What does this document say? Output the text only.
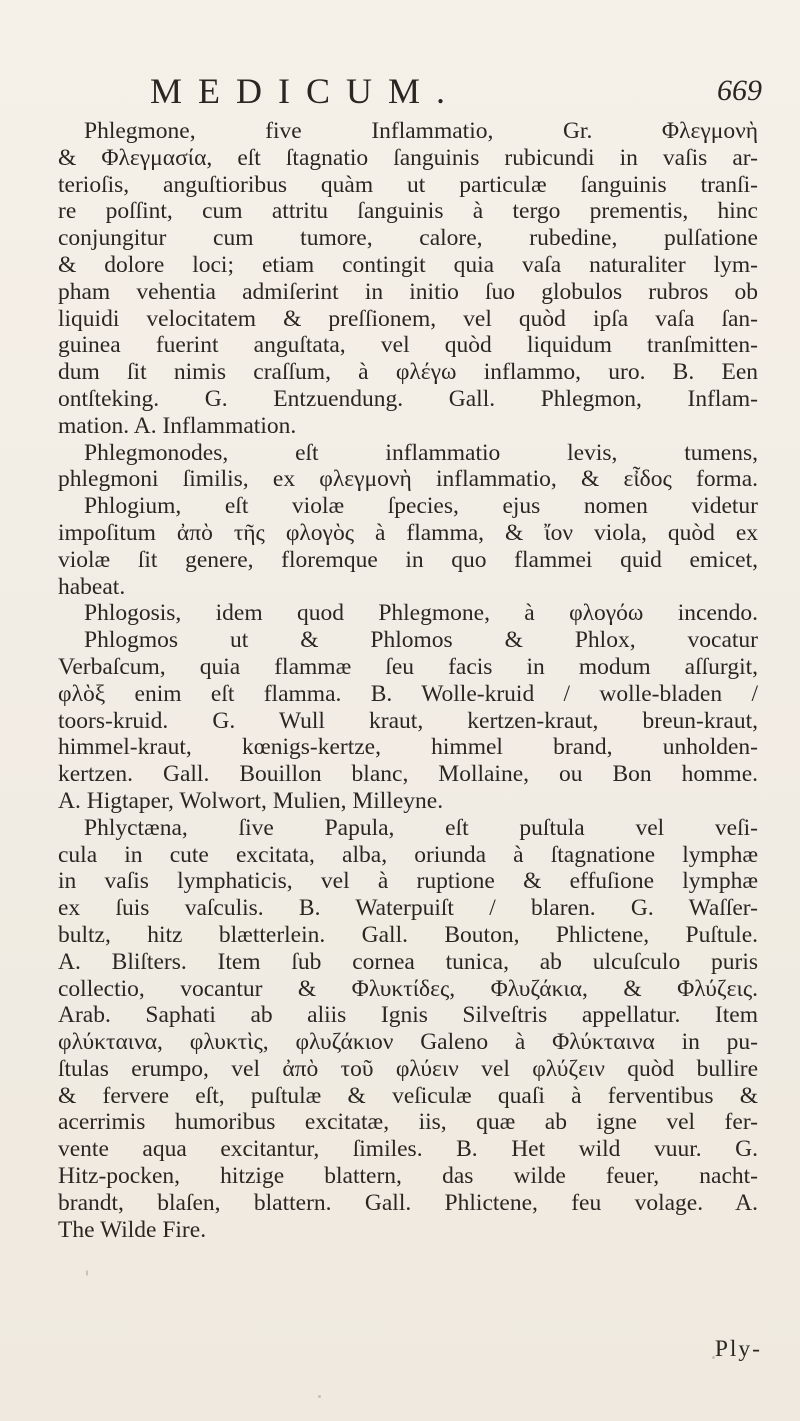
MEDICUM.	669
Phlegmone, five Inflammatio, Gr. Φλεγμονὴ
& Φλεγμασία, eſt ſtagnatio ſanguinis rubicundi in vaſis ar-
terioſis, anguſtioribus quàm ut particulæ ſanguinis tranſi-
re poſſint, cum attritu ſanguinis à tergo prementis, hinc
conjungitur cum tumore, calore, rubedine, pulſatione
& dolore loci; etiam contingit quia vaſa naturaliter lym-
pham vehentia admiſerint in initio ſuo globulos rubros ob
liquidi velocitatem & preſſionem, vel quòd ipſa vaſa ſan-
guinea fuerint anguſtata, vel quòd liquidum tranſmitten-
dum ſit nimis craſſum, à φλέγω inflammo, uro. B. Een
ontſteking. G. Entzuendung. Gall. Phlegmon, Inflam-
mation. A. Inflammation.
Phlegmonodes, eſt inflammatio levis, tumens,
phlegmoni ſimilis, ex φλεγμονὴ inflammatio, & εἶδος forma.
Phlogium, eſt violæ ſpecies, ejus nomen videtur
impoſitum ἀπὸ τῆς φλογὸς à flamma, & ἴον viola, quòd ex
violæ ſit genere, floremque in quo flammei quid emicet,
habeat.
Phlogosis, idem quod Phlegmone, à φλογόω incendo.
Phlogmos ut & Phlomos & Phlox, vocatur
Verbaſcum, quia flammæ ſeu facis in modum aſſurgit,
φλὸξ enim eſt flamma. B. Wolle-kruid / wolle-bladen /
toors-kruid. G. Wull kraut, kertzen-kraut, breun-kraut,
himmel-kraut, kœnigs-kertze, himmel brand, unholden-
kertzen. Gall. Bouillon blanc, Mollaine, ou Bon homme.
A. Higtaper, Wolwort, Mulien, Milleyne.
Phlyctæna, ſive Papula, eſt puſtula vel veſi-
cula in cute excitata, alba, orіunda à ſtagnatione lymphæ
in vaſis lymphaticis, vel à ruptione & effuſione lymphæ
ex ſuis vaſculis. B. Waterpuiſt / blaren. G. Waſſer-
bultz, hitz blætterlein. Gall. Bouton, Phlictene, Puſtule.
A. Bliſters. Item ſub cornea tunica, ab ulcuſculo puris
collectio, vocantur & Φλυκτίδες, Φλυζάκια, & Φλύζεις.
Arab. Saphati ab aliis Ignis Silveſtris appellatur. Item
φλύκταινα, φλυκτὶς, φλυζάκιον Galeno à Φλύκταινα in pu-
ſtulas erumpo, vel ἀπὸ τοῦ φλύειν vel φλύζειν quòd bullire
& fervere eſt, puſtulæ & veſiculæ quaſi à ferventibus &
acerrimis humoribus excitatæ, iis, quæ ab igne vel fer-
vente aqua excitantur, ſimiles. B. Het wild vuur. G.
Hitz-pocken, hitzige blattern, das wilde feuer, nacht-
brandt, blaſen, blattern. Gall. Phlictene, feu volage. A.
The Wilde Fire.
Ply-
